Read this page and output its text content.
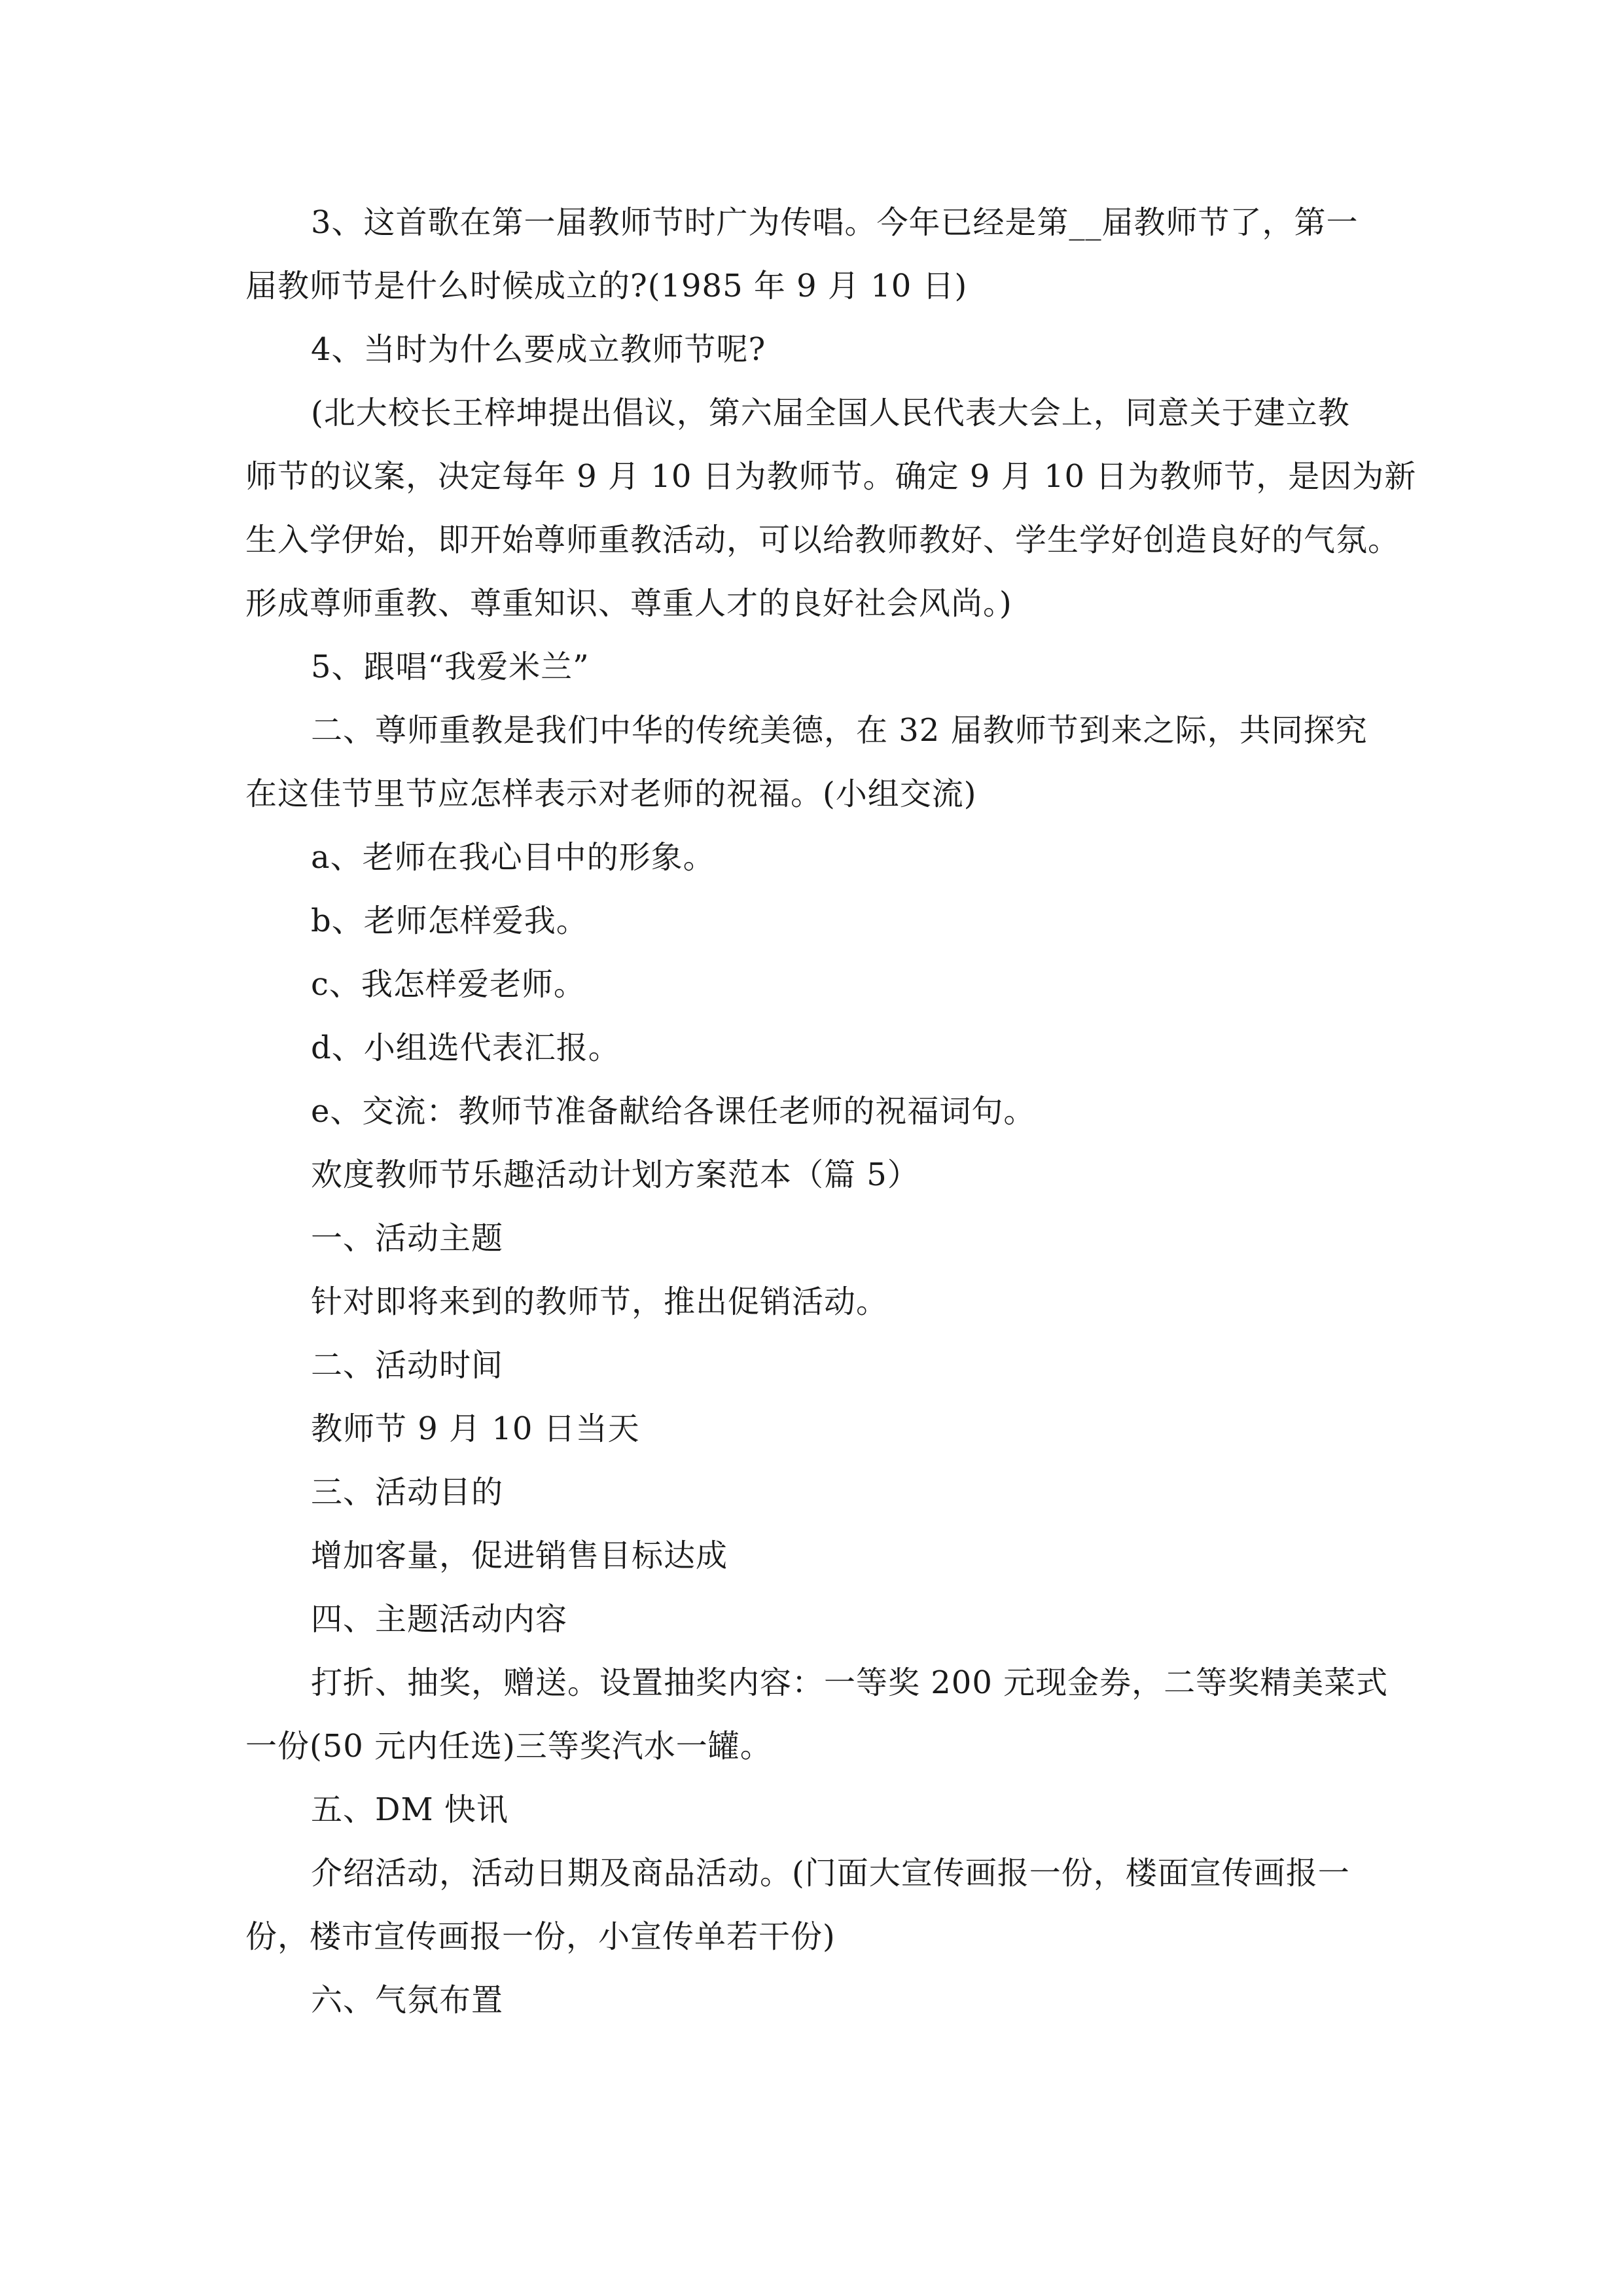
3、这首歌在第一届教师节时广为传唱。今年已经是第__届教师节了，第一
届教师节是什么时候成立的?(1985 年 9 月 10 日)
4、当时为什么要成立教师节呢?
(北大校长王梓坤提出倡议，第六届全国人民代表大会上，同意关于建立教
师节的议案，决定每年 9 月 10 日为教师节。确定 9 月 10 日为教师节，是因为新
生入学伊始，即开始尊师重教活动，可以给教师教好、学生学好创造良好的气氛。
形成尊师重教、尊重知识、尊重人才的良好社会风尚。)
5、跟唱“我爱米兰”
二、尊师重教是我们中华的传统美德，在 32 届教师节到来之际，共同探究
在这佳节里节应怎样表示对老师的祝福。(小组交流)
a、老师在我心目中的形象。
b、老师怎样爱我。
c、我怎样爱老师。
d、小组选代表汇报。
e、交流：教师节准备献给各课任老师的祝福词句。
欢度教师节乐趣活动计划方案范本（篇 5）
一、活动主题
针对即将来到的教师节，推出促销活动。
二、活动时间
教师节 9 月 10 日当天
三、活动目的
增加客量，促进销售目标达成
四、主题活动内容
打折、抽奖，赠送。设置抽奖内容：一等奖 200 元现金券，二等奖精美菜式
一份(50 元内任选)三等奖汽水一罐。
五、DM 快讯
介绍活动，活动日期及商品活动。(门面大宣传画报一份，楼面宣传画报一
份，楼市宣传画报一份，小宣传单若干份)
六、气氛布置
